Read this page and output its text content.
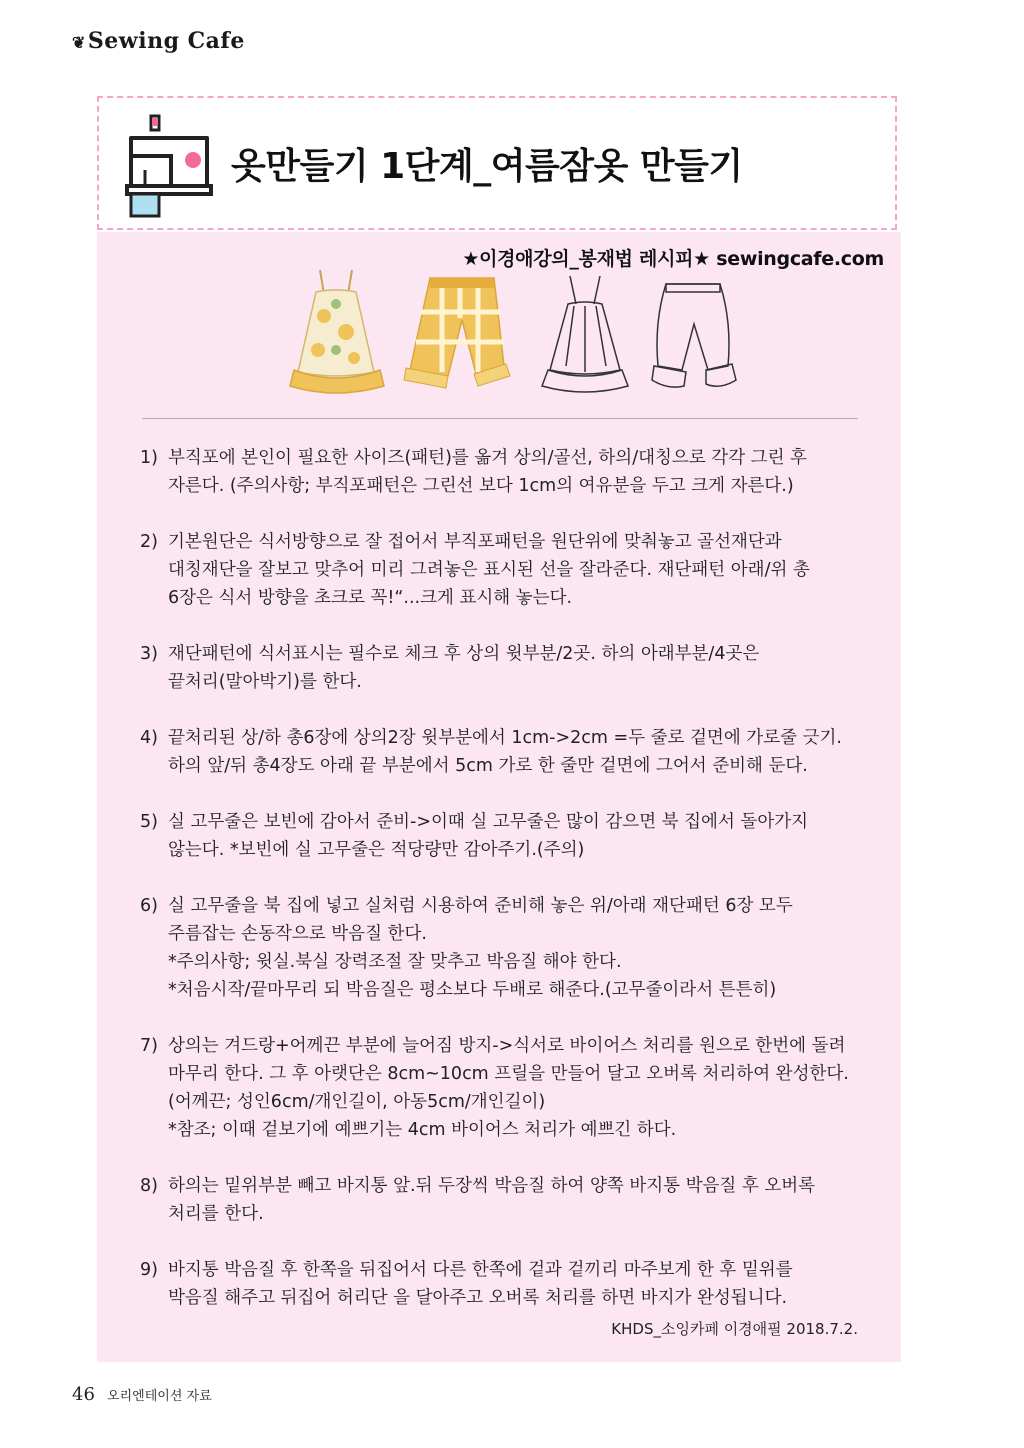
❦Sewing Cafe
옷만들기 1단계_여름잠옷 만들기
★이경애강의_봉재법 레시피★ sewingcafe.com
1) 부직포에 본인이 필요한 사이즈(패턴)를 옮겨 상의/골선, 하의/대칭으로 각각 그린 후
자른다. (주의사항; 부직포패턴은 그린선 보다 1cm의 여유분을 두고 크게 자른다.)
2) 기본원단은 식서방향으로 잘 접어서 부직포패턴을 원단위에 맞춰놓고 골선재단과
대칭재단을 잘보고 맞추어 미리 그려놓은 표시된 선을 잘라준다. 재단패턴 아래/위 총
6장은 식서 방향을 초크로 꼭!“...크게 표시해 놓는다.
3) 재단패턴에 식서표시는 필수로 체크 후 상의 윗부분/2곳. 하의 아래부분/4곳은
끝처리(말아박기)를 한다.
4) 끝처리된 상/하 총6장에 상의2장 윗부분에서 1cm->2cm =두 줄로 겉면에 가로줄 긋기.
하의 앞/뒤 총4장도 아래 끝 부분에서 5cm 가로 한 줄만 겉면에 그어서 준비해 둔다.
5) 실 고무줄은 보빈에 감아서 준비->이때 실 고무줄은 많이 감으면 북 집에서 돌아가지
않는다. *보빈에 실 고무줄은 적당량만 감아주기.(주의)
6) 실 고무줄을 북 집에 넣고 실처럼 시용하여 준비해 놓은 위/아래 재단패턴 6장 모두
주름잡는 손동작으로 박음질 한다.
*주의사항; 윗실.북실 장력조절 잘 맞추고 박음질 해야 한다.
*처음시작/끝마무리 되 박음질은 평소보다 두배로 해준다.(고무줄이라서 튼튼히)
7) 상의는 겨드랑+어께끈 부분에 늘어짐 방지->식서로 바이어스 처리를 원으로 한번에 돌려
마무리 한다. 그 후 아랫단은 8cm~10cm 프릴을 만들어 달고 오버록 처리하여 완성한다.
(어께끈; 성인6cm/개인길이, 아동5cm/개인길이)
*참조; 이때 겉보기에 예쁘기는 4cm 바이어스 처리가 예쁘긴 하다.
8) 하의는 밑위부분 빼고 바지통 앞.뒤 두장씩 박음질 하여 양쪽 바지통 박음질 후 오버록
처리를 한다.
9) 바지통 박음질 후 한쪽을 뒤집어서 다른 한쪽에 겉과 겉끼리 마주보게 한 후 밑위를
박음질 해주고 뒤집어 허리단 을 달아주고 오버록 처리를 하면 바지가 완성됩니다.
KHDS_소잉카페 이경애필 2018.7.2.
46 오리엔테이션 자료
